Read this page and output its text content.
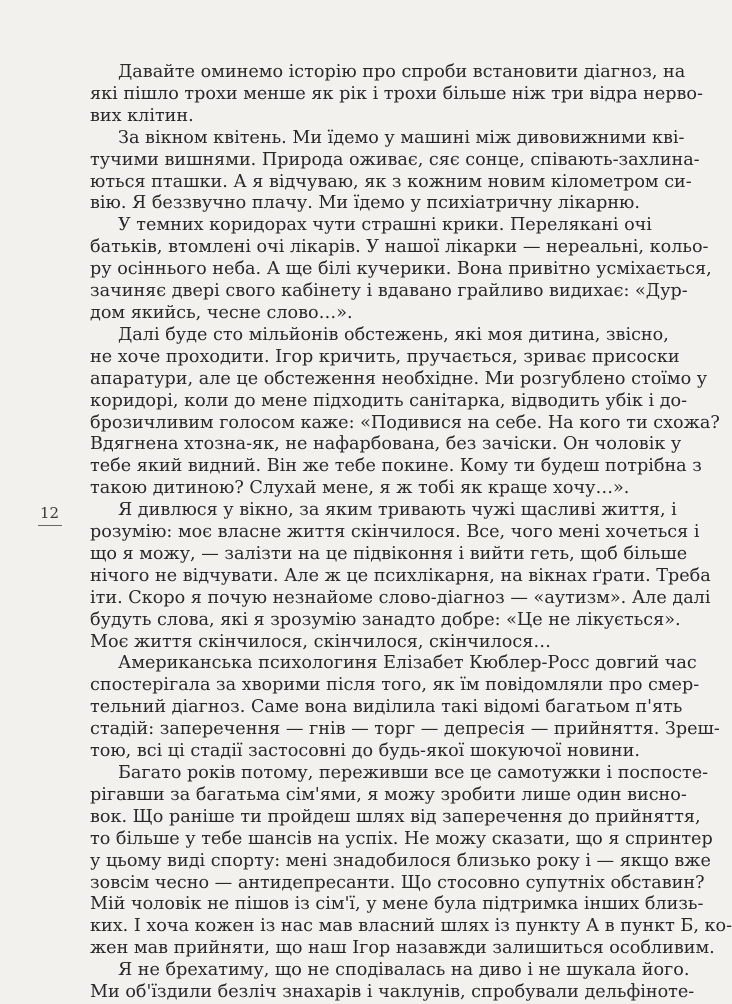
12

Давайте оминемо історію про спроби встановити діагноз, на
які пішло трохи менше як рік і трохи більше ніж три відра нерво-
вих клітин.

За вікном квітень. Ми їдемо у машині між дивовижними кві-
тучими вишнями. Природа оживає, сяє сонце, співають-захлина-
ються пташки. А я відчуваю, як з кожним новим кілометром си-
вію. Я беззвучно плачу. Ми їдемо у психіатричну лікарню.

У темних коридорах чути страшні крики. Перелякані очі
батьків, втомлені очі лікарів. У нашої лікарки — нереальні, кольо-
ру осіннього неба. А ще білі кучерики. Вона привітно усміхається,
зачиняє двері свого кабінету і вдавано грайливо видихає: «Дур-
дом якийсь, чесне слово…».

Далі буде сто мільйонів обстежень, які моя дитина, звісно,
не хоче проходити. Ігор кричить, пручається, зриває присоски
апаратури, але це обстеження необхідне. Ми розгублено стоїмо у
коридорі, коли до мене підходить санітарка, відводить убік і до-
брозичливим голосом каже: «Подивися на себе. На кого ти схожа?
Вдягнена хтозна-як, не нафарбована, без зачіски. Он чоловік у
тебе який видний. Він же тебе покине. Кому ти будеш потрібна з
такою дитиною? Слухай мене, я ж тобі як краще хочу…».

Я дивлюся у вікно, за яким тривають чужі щасливі життя, і
розумію: моє власне життя скінчилося. Все, чого мені хочеться і
що я можу, — залізти на це підвіконня і вийти геть, щоб більше
нічого не відчувати. Але ж це психлікарня, на вікнах ґрати. Треба
іти. Скоро я почую незнайоме слово-діагноз — «аутизм». Але далі
будуть слова, які я зрозумію занадто добре: «Це не лікується».
Моє життя скінчилося, скінчилося, скінчилося…

Американська психологиня Елізабет Кюблер-Росс довгий час
спостерігала за хворими після того, як їм повідомляли про смер-
тельний діагноз. Саме вона виділила такі відомі багатьом п'ять
стадій: заперечення — гнів — торг — депресія — прийняття. Зреш-
тою, всі ці стадії застосовні до будь-якої шокуючої новини.

Багато років потому, переживши все це самотужки і поспосте-
рігавши за багатьма сім'ями, я можу зробити лише один висно-
вок. Що раніше ти пройдеш шлях від заперечення до прийняття,
то більше у тебе шансів на успіх. Не можу сказати, що я спринтер
у цьому виді спорту: мені знадобилося близько року і — якщо вже
зовсім чесно — антидепресанти. Що стосовно супутніх обставин?
Мій чоловік не пішов із сім'ї, у мене була підтримка інших близь-
ких. І хоча кожен із нас мав власний шлях із пункту А в пункт Б, ко-
жен мав прийняти, що наш Ігор назавжди залишиться особливим.

Я не брехатиму, що не сподівалась на диво і не шукала його.
Ми об'їздили безліч знахарів і чаклунів, спробували дельфіноте-
